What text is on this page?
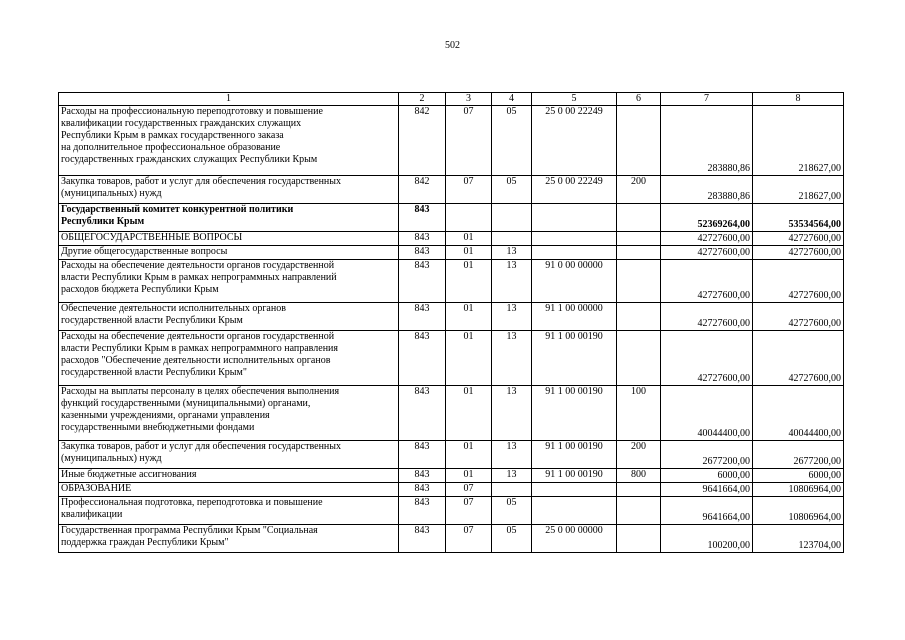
502
1	2	3	4	5	6	7	8
Расходы на профессиональную переподготовку и повышение
квалификации государственных гражданских служащих
Республики Крым в рамках государственного заказа
на дополнительное профессиональное образование
государственных гражданских служащих Республики Крым	842	07	05	25 0 00 22249		283880,86	218627,00
Закупка товаров, работ и услуг для обеспечения государственных
(муниципальных) нужд	842	07	05	25 0 00 22249	200	283880,86	218627,00
Государственный комитет конкурентной политики
Республики Крым	843					52369264,00	53534564,00
ОБЩЕГОСУДАРСТВЕННЫЕ ВОПРОСЫ	843	01				42727600,00	42727600,00
Другие общегосударственные вопросы	843	01	13			42727600,00	42727600,00
Расходы на обеспечение деятельности органов государственной
власти Республики Крым в рамках непрограммных направлений
расходов бюджета Республики Крым	843	01	13	91 0 00 00000		42727600,00	42727600,00
Обеспечение деятельности исполнительных органов
государственной власти Республики Крым	843	01	13	91 1 00 00000		42727600,00	42727600,00
Расходы на обеспечение деятельности органов государственной
власти Республики Крым в рамках непрограммного направления
расходов "Обеспечение деятельности исполнительных органов
государственной власти Республики Крым"	843	01	13	91 1 00 00190		42727600,00	42727600,00
Расходы на выплаты персоналу в целях обеспечения выполнения
функций государственными (муниципальными) органами,
казенными учреждениями, органами управления
государственными внебюджетными фондами	843	01	13	91 1 00 00190	100	40044400,00	40044400,00
Закупка товаров, работ и услуг для обеспечения государственных
(муниципальных) нужд	843	01	13	91 1 00 00190	200	2677200,00	2677200,00
Иные бюджетные ассигнования	843	01	13	91 1 00 00190	800	6000,00	6000,00
ОБРАЗОВАНИЕ	843	07				9641664,00	10806964,00
Профессиональная подготовка, переподготовка и повышение
квалификации	843	07	05			9641664,00	10806964,00
Государственная программа Республики Крым "Социальная
поддержка граждан Республики Крым"	843	07	05	25 0 00 00000		100200,00	123704,00
